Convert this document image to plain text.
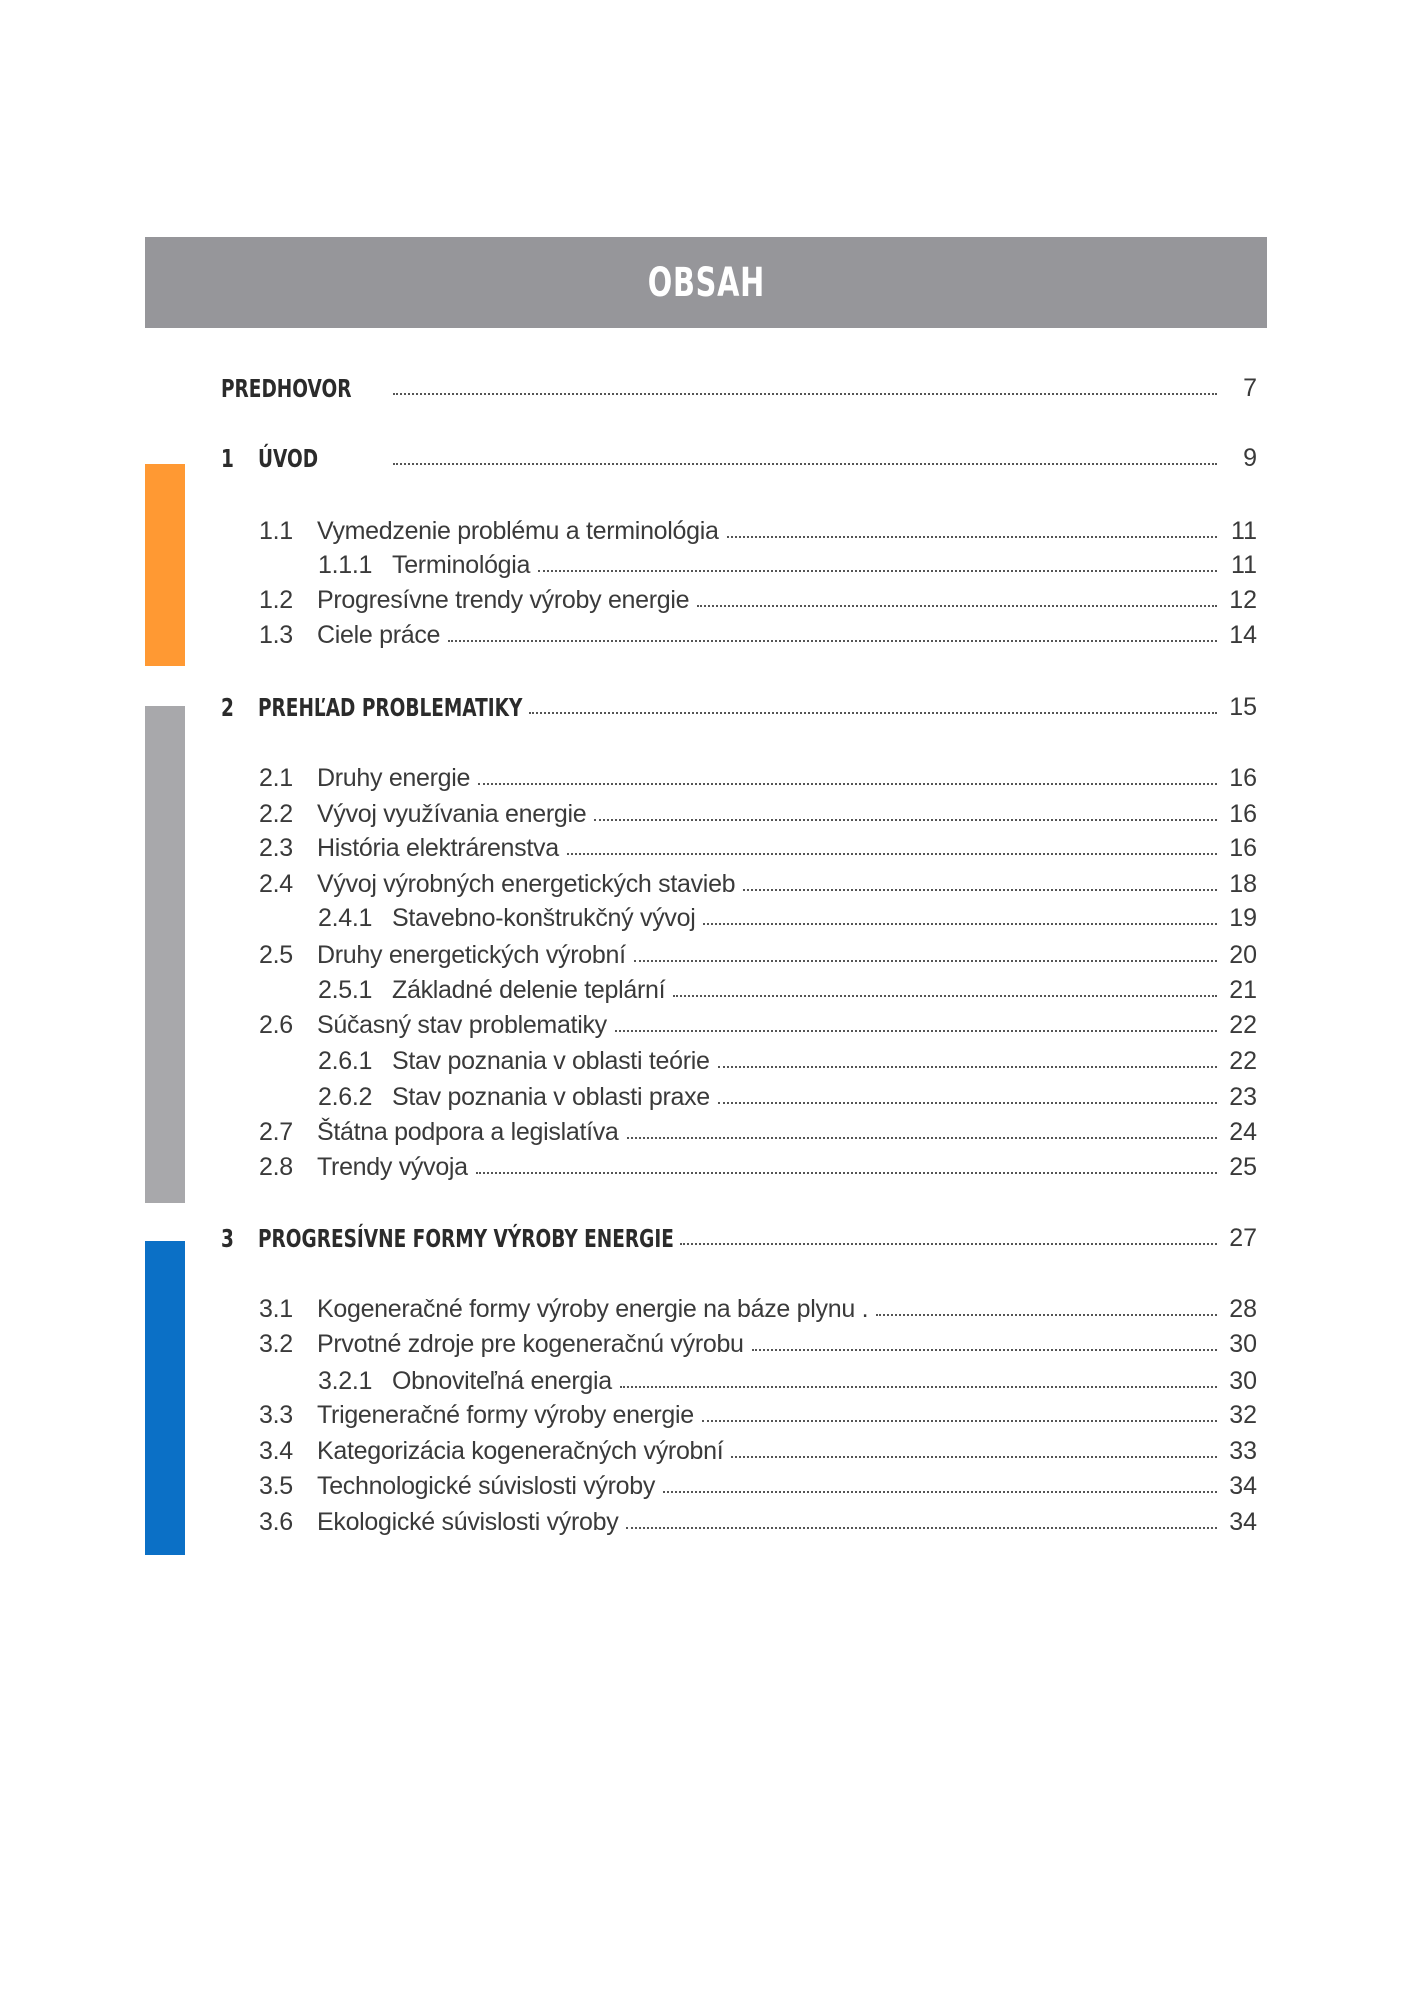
OBSAH
PREDHOVOR	7
1 ÚVOD	9
1.1 Vymedzenie problému a terminológia	11
1.1.1 Terminológia	11
1.2 Progresívne trendy výroby energie	12
1.3 Ciele práce	14
2 PREHĽAD PROBLEMATIKY	15
2.1 Druhy energie	16
2.2 Vývoj využívania energie	16
2.3 História elektrárenstva	16
2.4 Vývoj výrobných energetických stavieb	18
2.4.1 Stavebno-konštrukčný vývoj	19
2.5 Druhy energetických výrobní	20
2.5.1 Základné delenie teplární	21
2.6 Súčasný stav problematiky	22
2.6.1 Stav poznania v oblasti teórie	22
2.6.2 Stav poznania v oblasti praxe	23
2.7 Štátna podpora a legislatíva	24
2.8 Trendy vývoja	25
3 PROGRESÍVNE FORMY VÝROBY ENERGIE	27
3.1 Kogeneračné formy výroby energie na báze plynu .	28
3.2 Prvotné zdroje pre kogeneračnú výrobu	30
3.2.1 Obnoviteľná energia	30
3.3 Trigeneračné formy výroby energie	32
3.4 Kategorizácia kogeneračných výrobní	33
3.5 Technologické súvislosti výroby	34
3.6 Ekologické súvislosti výroby	34
